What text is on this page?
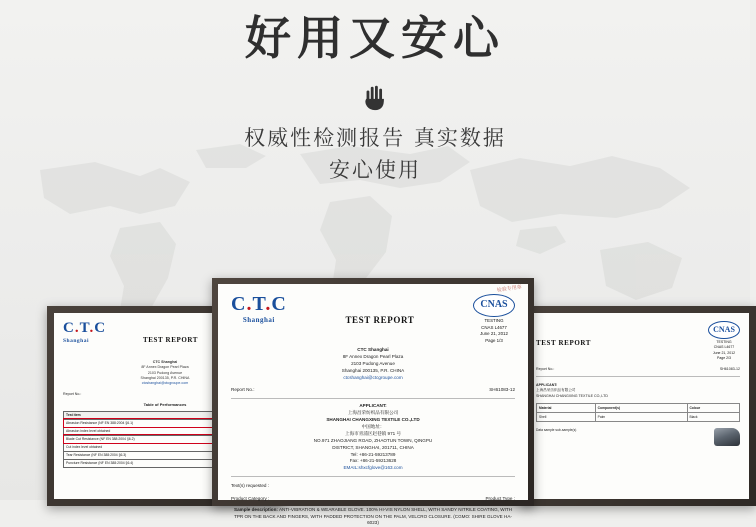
好用又安心

权威性检测报告 真实数据
安心使用

C.T.C
Shanghai	TEST REPORT
CTC Shanghai
8F Annex Dragon Pearl Plaza
2103 Pudong Avenue
Shanghai 200135, P.R. CHINA
ctcshanghai@ctcgroupe.com
Report No.:
Table of Performances
Test item	
Abrasion Resistance (NF EN 388:2004 §6.1)	
Abrasion index level obtained	
Blade Cut Resistance (NF EN 388:2004 §6.2)	
Cut index level obtained	
Tear Resistance (NF EN 388:2004 §6.3)	
Puncture Resistance (NF EN 388:2004 §6.4)	
TEST REPORT
CNAS
TESTING
CNAS L4677
June 21, 2012
Page 2/3
Report No.:	SH61083-12
APPLICANT:
上海昌荣纺织品有限公司
SHANGHAI CHANGXING TEXTILE CO.,LTD
Material	Component(s)	Colour
Shell	Palm	Black
Data sample sub-sample(s)
检验专用章
C.T.C
Shanghai	TEST REPORT
CNAS
TESTING
CNAS L4677
June 21, 2012
Page 1/3
CTC Shanghai
8F Annex Dragon Pearl Plaza
2103 Pudong Avenue
Shanghai 200135, P.R. CHINA
ctcshanghai@ctcgroupe.com
Report No.:	SH61083-12
APPLICANT:
上海昌荣纺织品有限公司
SHANGHAI CHANGXING TEXTILE CO.,LTD
中国地址：
上海市青浦区赵巷镇 971 号
NO.971 ZHAOJIANG ROAD, ZHAOTUN TOWN, QINGPU
DISTRICT, SHANGHAI, 201711, CHINA
Tel: +86-21-59213789
Fax: +86-21-59213628
EMAIL:shxcfglove@163.com
Text(s) requested :
Product Category :	Product Type :
Sample description: ANTI-VIBRATION & WEARABLE GLOVE. 100% HI-VIS NYLON SHELL, WITH SANDY NITRILE COATING, WITH TPR ON THE BACK AND FINGERS, WITH PADDED PROTECTION ON THE PALM, VELCRO CLOSURE. (CGMO: SHIRE GLOVE HA-6023)
